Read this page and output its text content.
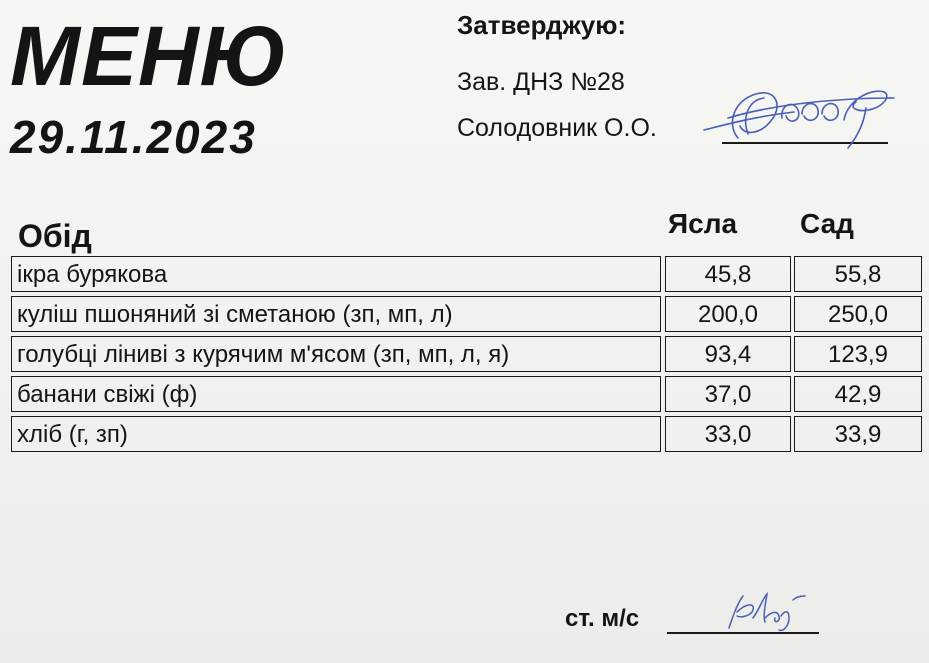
МЕНЮ
29.11.2023
Затверджую:
Зав. ДНЗ №28
Солодовник О.О.
Обід	Ясла Сад
ікра бурякова	45,8	55,8
куліш пшоняний зі сметаною (зп, мп, л)	200,0	250,0
голубці ліниві з курячим м'ясом (зп, мп, л, я)	93,4	123,9
банани свіжі (ф)	37,0	42,9
хліб (г, зп)	33,0	33,9
ст. м/с
